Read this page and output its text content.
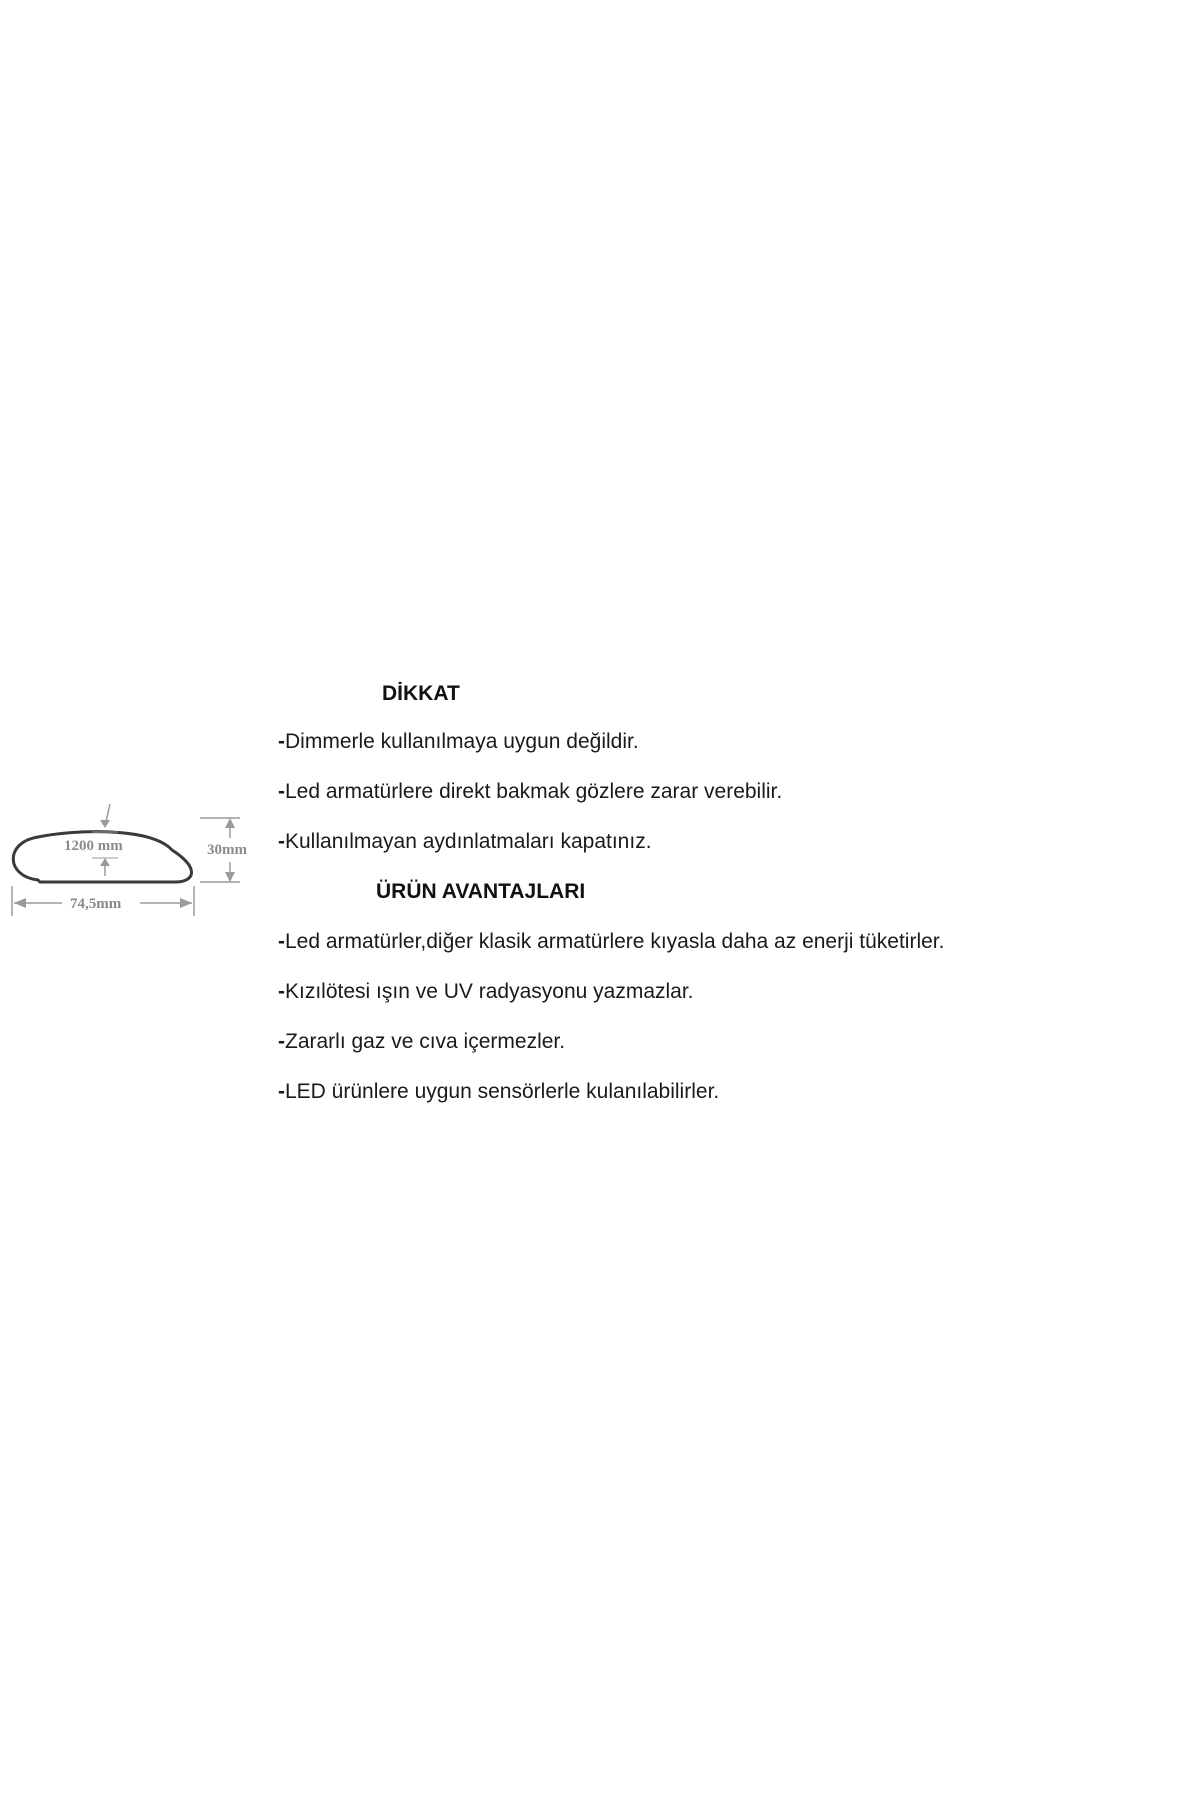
1200 mm	30mm
74,5mm
DİKKAT
-Dimmerle kullanılmaya uygun değildir.
-Led armatürlere direkt bakmak gözlere zarar verebilir.
-Kullanılmayan aydınlatmaları kapatınız.
ÜRÜN AVANTAJLARI
-Led armatürler,diğer klasik armatürlere kıyasla daha az enerji tüketirler.
-Kızılötesi ışın ve UV radyasyonu yazmazlar.
-Zararlı gaz ve cıva içermezler.
-LED ürünlere uygun sensörlerle kulanılabilirler.
